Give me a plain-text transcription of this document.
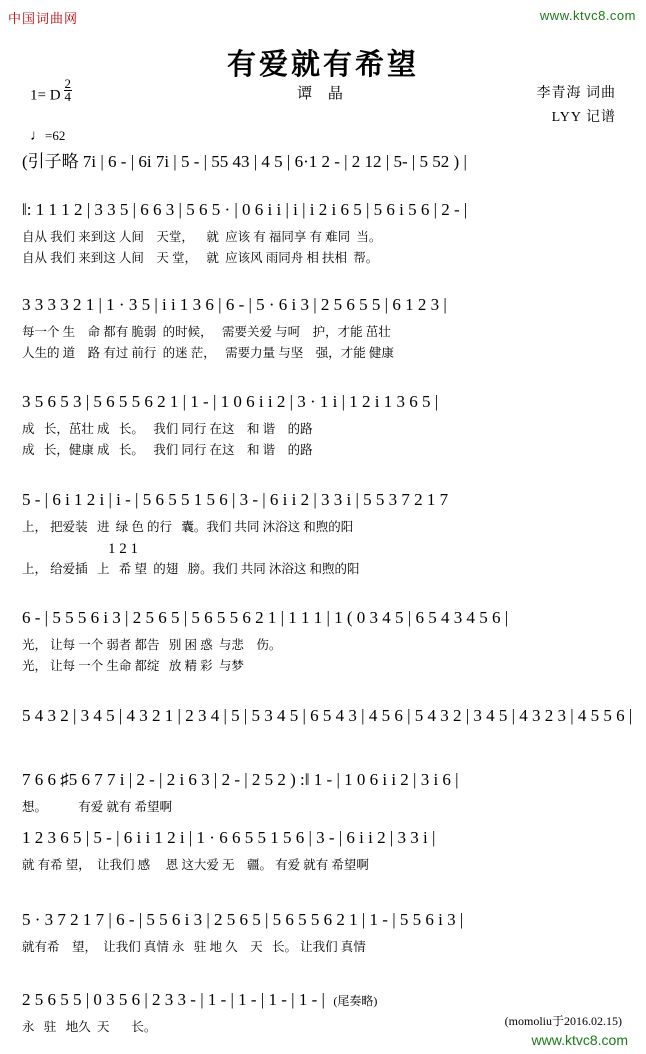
中国词曲网	www.ktvc8.com
有爱就有希望
1= D $\frac{2}{4}$	谭 晶	李青海 词曲
LYY 记谱
♩=62
(引子略 7i | 6 - | 6i 7i | 5 - | 55 43 | 4 5 | 6·1 2 - | 2 12 | 5- | 5 52 ) |
‖: 1 1 1 2 | 3 3 5 | 6 6 3 | 5 6 5 · | 0 6 i i | i | i 2 i 6 5 | 5 6 i 5 6 | 2 - |
自从 我们 来到这 人间    天堂，    就  应该 有 福同享 有 难同  当。
自从 我们 来到这 人间    天 堂，   就  应该风 雨同舟 相 扶相  帮。
3 3 3 3 2 1 | 1 · 3 5 | i i 1 3 6 | 6 - | 5 · 6 i 3 | 2 5 6 5 5 | 6 1 2 3 |
每一个 生    命 都有 脆弱  的时候，   需要关爱 与呵    护，才能 茁壮
人生的 道    路 有过 前行  的迷 茫，   需要力量 与坚    强，才能 健康
3 5 6 5 3 | 5 6 5 5 6 2 1 | 1 - | 1 0 6 i i 2 | 3 · 1 i | 1 2 i 1 3 6 5 |
成   长，茁壮 成   长。   我们 同行 在这    和 谐    的路
成   长，健康 成   长。   我们 同行 在这    和 谐    的路
5 - | 6 i 1 2 i | i - | 5 6 5 5 1 5 6 | 3 - | 6 i i 2 | 3 3 i | 5 5 3 7 2 1 7
上， 把爱装   进  绿 色 的行   囊。我们 共同 沐浴这 和煦的阳
1 2 1
上， 给爱插   上   希 望  的翅   膀。我们 共同 沐浴这 和煦的阳
6 - | 5 5 5 6 i 3 | 2 5 6 5 | 5 6 5 5 6 2 1 | 1 1 1 | 1 ( 0 3 4 5 | 6 5 4 3 4 5 6 |
光， 让每 一个 弱者 都告   别 困 惑  与悲    伤。
光， 让每 一个 生命 都绽   放 精 彩  与梦
5 4 3 2 | 3 4 5 | 4 3 2 1 | 2 3 4 | 5 | 5 3 4 5 | 6 5 4 3 | 4 5 6 | 5 4 3 2 | 3 4 5 | 4 3 2 3 | 4 5 5 6 |
7 6 6 ♯5 6 7 7 i | 2 - | 2 i 6 3 | 2 - | 2 5 2 ) :‖ 1 - | 1 0 6 i i 2 | 3 i 6 |
想。          有爱 就有 希望啊
1 2 3 6 5 | 5 - | 6 i i 1 2 i | 1 · 6 6 5 5 1 5 6 | 3 - | 6 i i 2 | 3 3 i |
就 有希 望，  让我们 感     恩 这大爱 无    疆。 有爱 就有 希望啊
5 · 3 7 2 1 7 | 6 - | 5 5 6 i 3 | 2 5 6 5 | 5 6 5 5 6 2 1 | 1 - | 5 5 6 i 3 |
就有希    望，  让我们 真情 永   驻 地 久    天   长。 让我们 真情
2 5 6 5 5 | 0 3 5 6 | 2 3 3 - | 1 - | 1 - | 1 - | 1 - | (尾奏略)
永   驻   地久  天       长。	(momoliu于2016.02.15)
www.ktvc8.com
